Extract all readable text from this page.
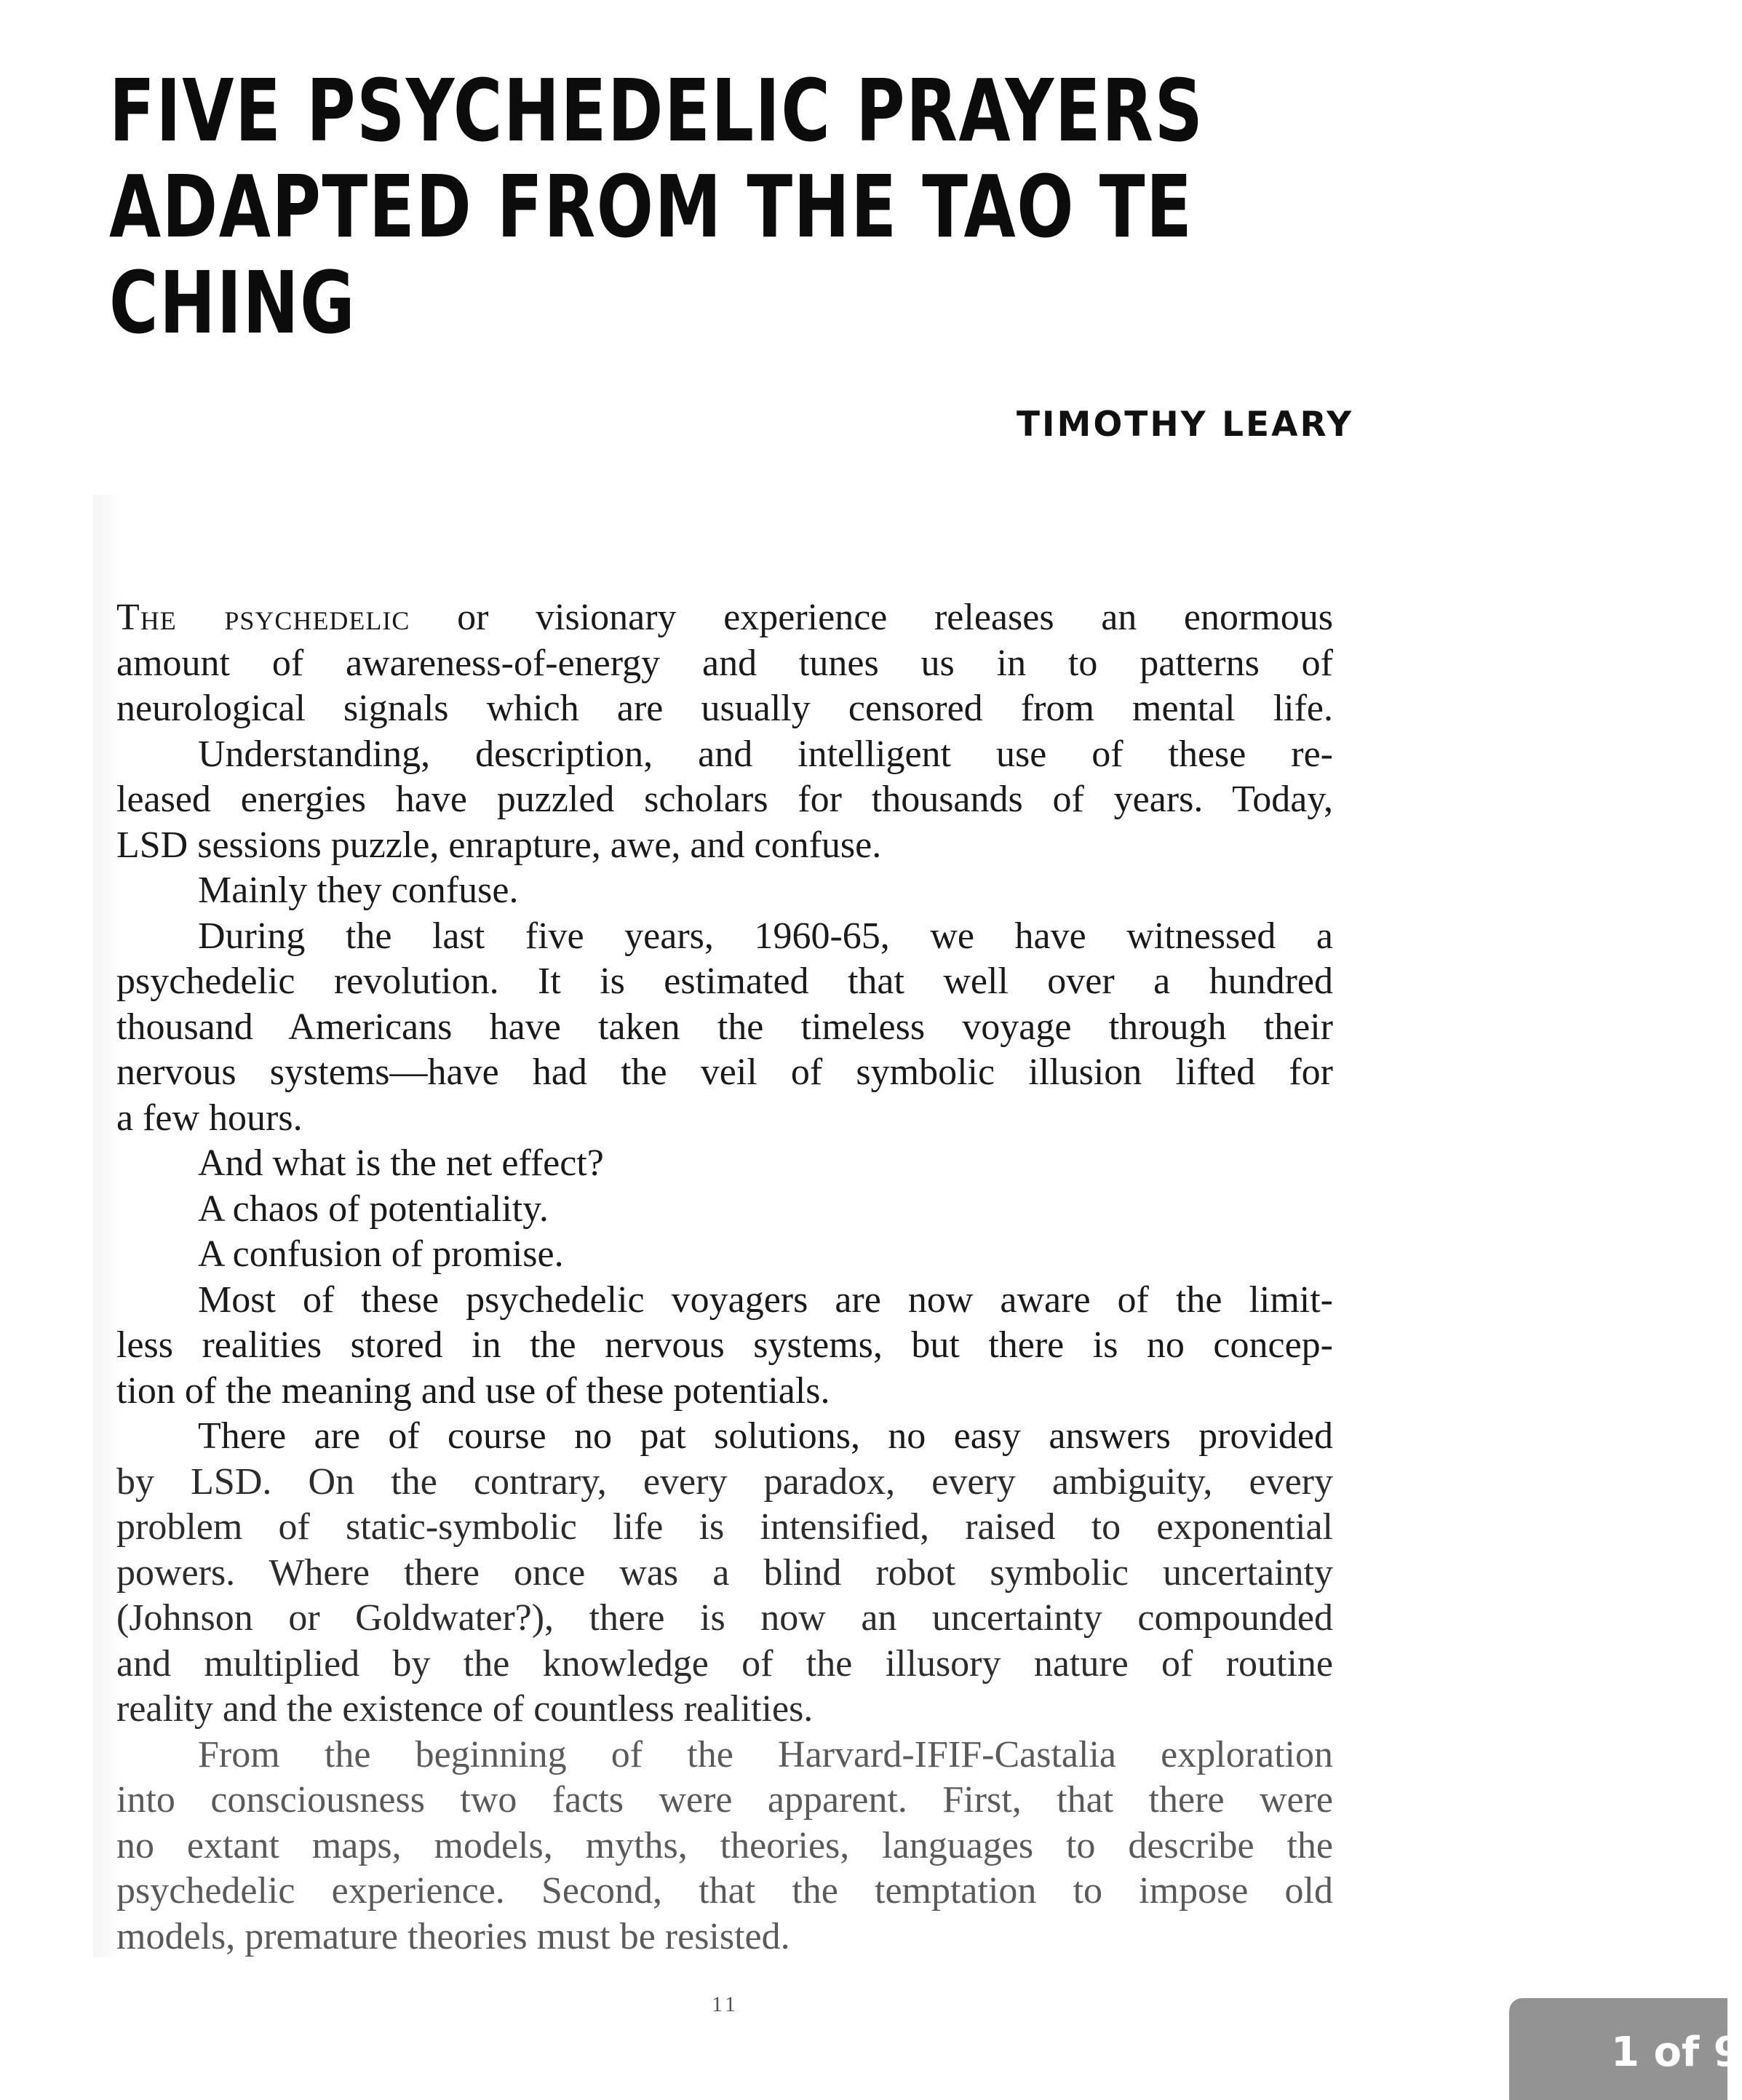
FIVE PSYCHEDELIC PRAYERS
ADAPTED FROM THE TAO TE
CHING
TIMOTHY LEARY
The psychedelic or visionary experience releases an enormous
amount of awareness-of-energy and tunes us in to patterns of
neurological signals which are usually censored from mental life.
Understanding, description, and intelligent use of these re-
leased energies have puzzled scholars for thousands of years. Today,
LSD sessions puzzle, enrapture, awe, and confuse.
Mainly they confuse.
During the last five years, 1960-65, we have witnessed a
psychedelic revolution. It is estimated that well over a hundred
thousand Americans have taken the timeless voyage through their
nervous systems—have had the veil of symbolic illusion lifted for
a few hours.
And what is the net effect?
A chaos of potentiality.
A confusion of promise.
Most of these psychedelic voyagers are now aware of the limit-
less realities stored in the nervous systems, but there is no concep-
tion of the meaning and use of these potentials.
There are of course no pat solutions, no easy answers provided
by LSD. On the contrary, every paradox, every ambiguity, every
problem of static-symbolic life is intensified, raised to exponential
powers. Where there once was a blind robot symbolic uncertainty
(Johnson or Goldwater?), there is now an uncertainty compounded
and multiplied by the knowledge of the illusory nature of routine
reality and the existence of countless realities.
From the beginning of the Harvard-IFIF-Castalia exploration
into consciousness two facts were apparent. First, that there were
no extant maps, models, myths, theories, languages to describe the
psychedelic experience. Second, that the temptation to impose old
models, premature theories must be resisted.
11
1 of 9
